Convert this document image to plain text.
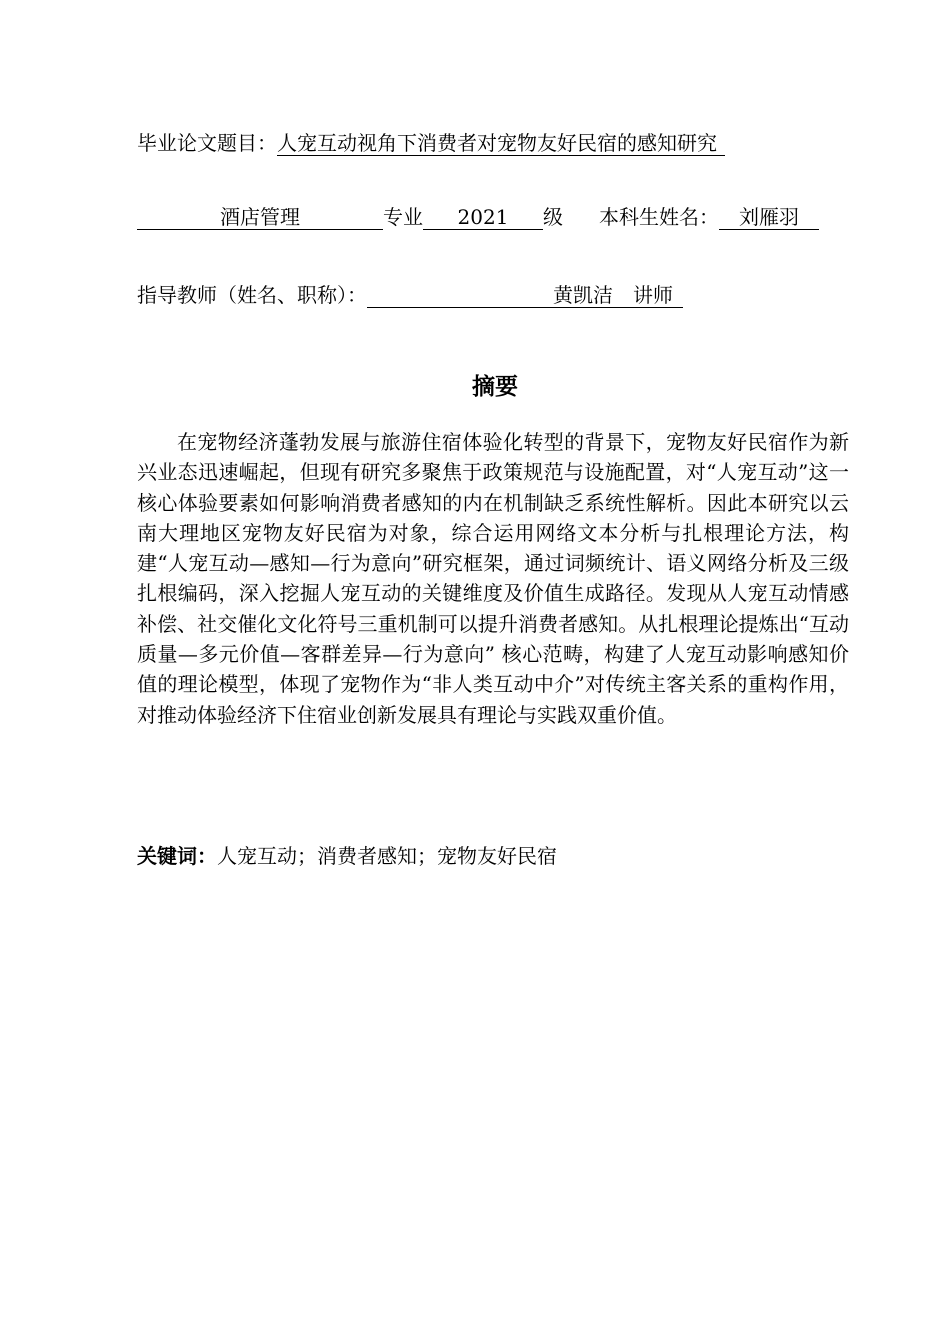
毕业论文题目：人宠互动视角下消费者对宠物友好民宿的感知研究
酒店管理	专业 2021 级 本科生姓名： 刘雁羽
指导教师（姓名、职称）：	黄凯洁　讲师
摘要

在宠物经济蓬勃发展与旅游住宿体验化转型的背景下，宠物友好民宿作为新兴业态迅速崛起，但现有研究多聚焦于政策规范与设施配置，对“人宠互动”这一核心体验要素如何影响消费者感知的内在机制缺乏系统性解析。因此本研究以云南大理地区宠物友好民宿为对象，综合运用网络文本分析与扎根理论方法，构建“人宠互动—感知—行为意向”研究框架，通过词频统计、语义网络分析及三级扎根编码，深入挖掘人宠互动的关键维度及价值生成路径。发现从人宠互动情感补偿、社交催化文化符号三重机制可以提升消费者感知。从扎根理论提炼出“互动质量—多元价值—客群差异—行为意向” 核心范畴，构建了人宠互动影响感知价值的理论模型，体现了宠物作为“非人类互动中介”对传统主客关系的重构作用，对推动体验经济下住宿业创新发展具有理论与实践双重价值。

关键词：人宠互动；消费者感知；宠物友好民宿
